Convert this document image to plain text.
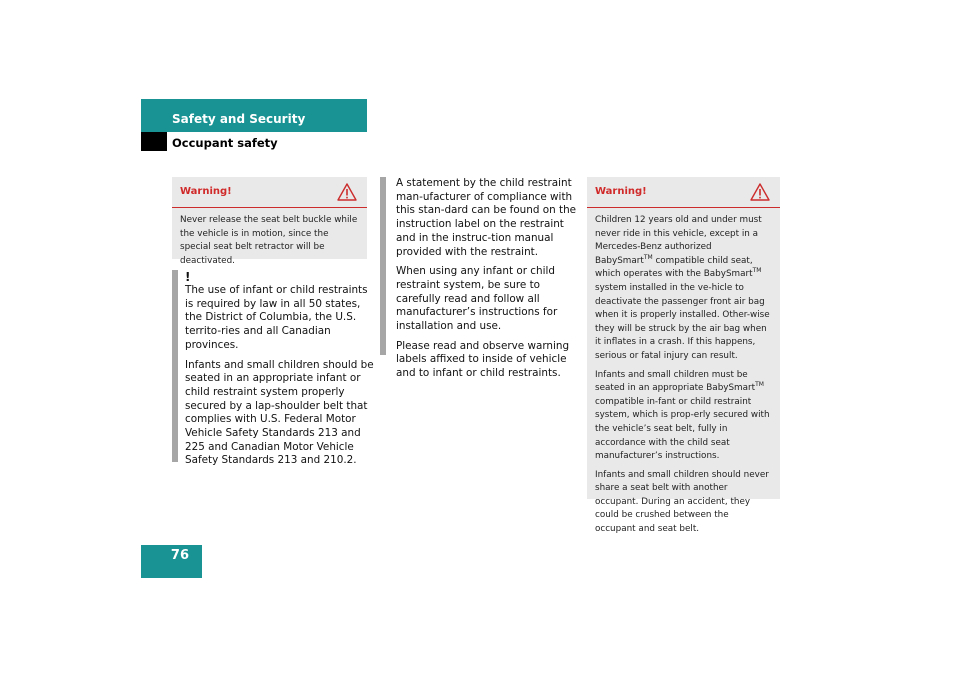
Safety and Security
Occupant safety
Warning!

Never release the seat belt buckle while the vehicle is in motion, since the special seat belt retractor will be deactivated.

!

The use of infant or child restraints is required by law in all 50 states, the District of Columbia, the U.S. territo-ries and all Canadian provinces.

Infants and small children should be seated in an appropriate infant or child restraint system properly secured by a lap-shoulder belt that complies with U.S. Federal Motor Vehicle Safety Standards 213 and 225 and Canadian Motor Vehicle Safety Standards 213 and 210.2.

A statement by the child restraint man-ufacturer of compliance with this stan-dard can be found on the instruction label on the restraint and in the instruc-tion manual provided with the restraint.

When using any infant or child restraint system, be sure to carefully read and follow all manufacturer’s instructions for installation and use.

Please read and observe warning labels affixed to inside of vehicle and to infant or child restraints.

Warning!

Children 12 years old and under must never ride in this vehicle, except in a Mercedes-Benz authorized BabySmart™ compatible child seat, which operates with the BabySmart™ system installed in the ve-hicle to deactivate the passenger front air bag when it is properly installed. Other-wise they will be struck by the air bag when it inflates in a crash. If this happens, serious or fatal injury can result.

Infants and small children must be seated in an appropriate BabySmart™ compatible in-fant or child restraint system, which is prop-erly secured with the vehicle’s seat belt, fully in accordance with the child seat manufacturer’s instructions.

Infants and small children should never share a seat belt with another occupant. During an accident, they could be crushed between the occupant and seat belt.

76
